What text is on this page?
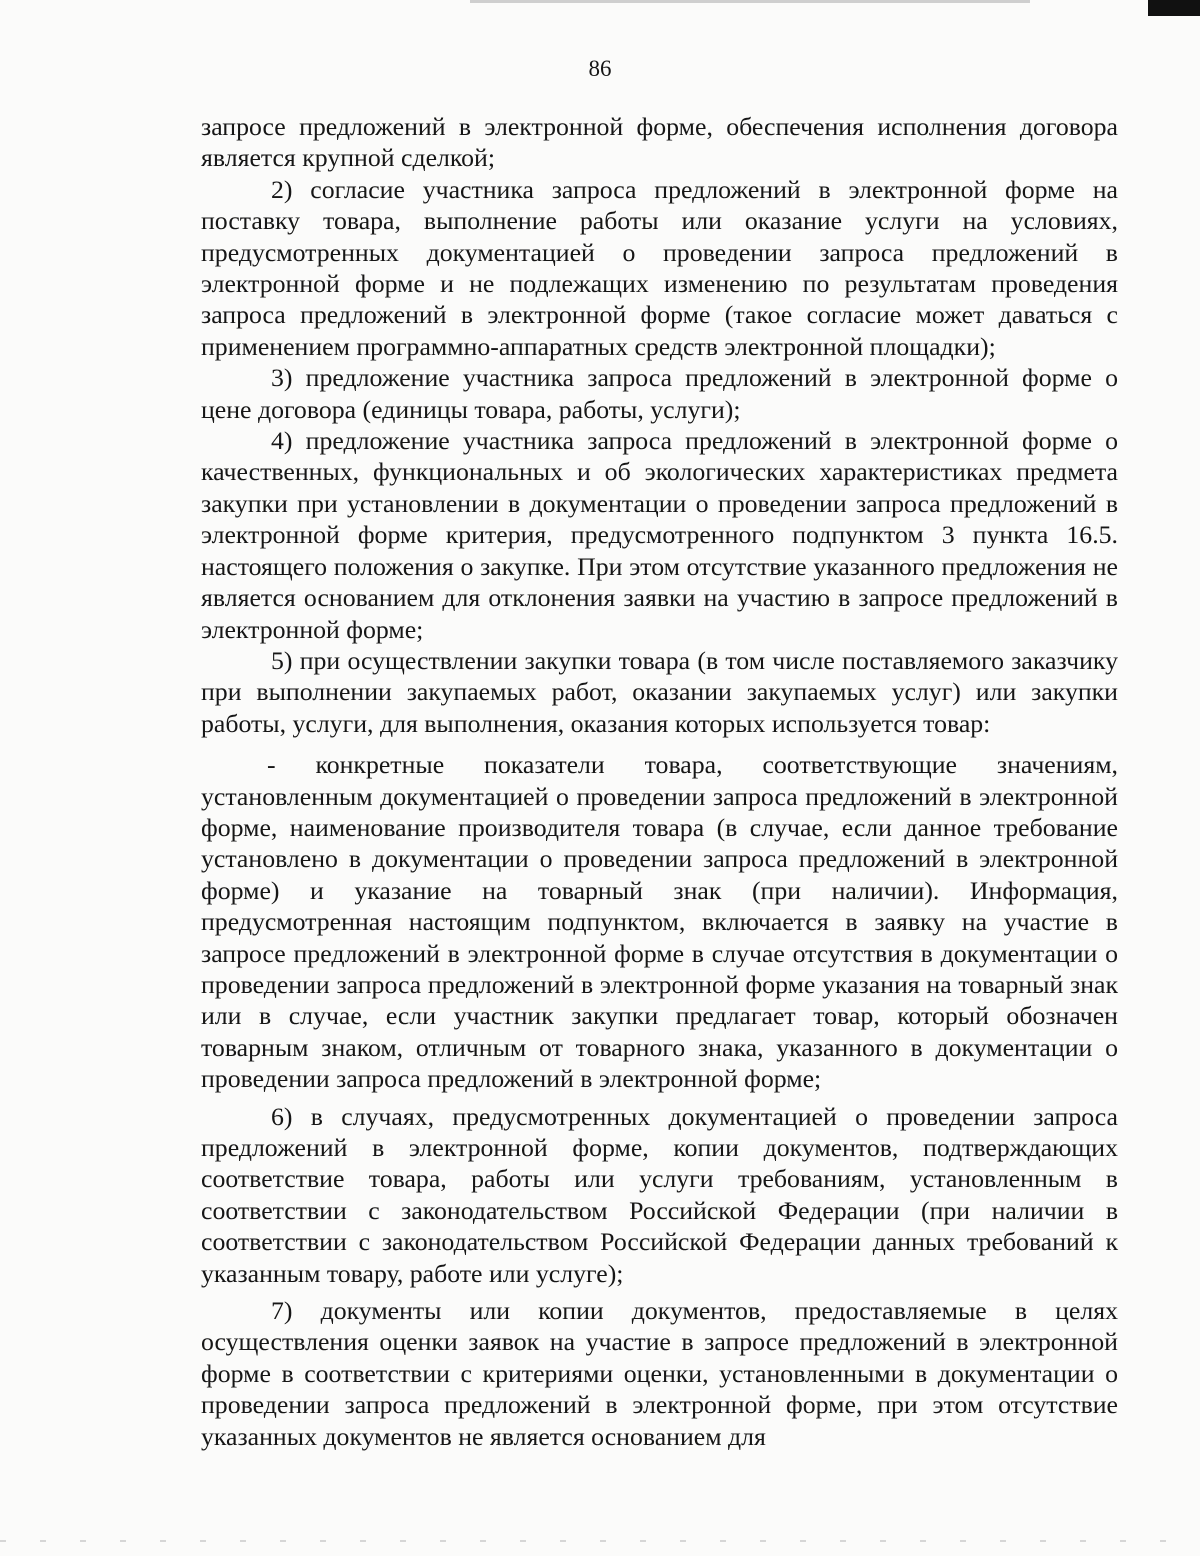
86

запросе предложений в электронной форме, обеспечения исполнения договора является крупной сделкой;

2) согласие участника запроса предложений в электронной форме на поставку товара, выполнение работы или оказание услуги на условиях, предусмотренных документацией о проведении запроса предложений в электронной форме и не подлежащих изменению по результатам проведения запроса предложений в электронной форме (такое согласие может даваться с применением программно-аппаратных средств электронной площадки);

3) предложение участника запроса предложений в электронной форме о цене договора (единицы товара, работы, услуги);

4) предложение участника запроса предложений в электронной форме о качественных, функциональных и об экологических характеристиках предмета закупки при установлении в документации о проведении запроса предложений в электронной форме критерия, предусмотренного подпунктом 3 пункта 16.5. настоящего положения о закупке. При этом отсутствие указанного предложения не является основанием для отклонения заявки на участию в запросе предложений в электронной форме;

5) при осуществлении закупки товара (в том числе поставляемого заказчику при выполнении закупаемых работ, оказании закупаемых услуг) или закупки работы, услуги, для выполнения, оказания которых используется товар:

- конкретные показатели товара, соответствующие значениям, установленным документацией о проведении запроса предложений в электронной форме, наименование производителя товара (в случае, если данное требование установлено в документации о проведении запроса предложений в электронной форме) и указание на товарный знак (при наличии). Информация, предусмотренная настоящим подпунктом, включается в заявку на участие в запросе предложений в электронной форме в случае отсутствия в документации о проведении запроса предложений в электронной форме указания на товарный знак или в случае, если участник закупки предлагает товар, который обозначен товарным знаком, отличным от товарного знака, указанного в документации о проведении запроса предложений в электронной форме;

6) в случаях, предусмотренных документацией о проведении запроса предложений в электронной форме, копии документов, подтверждающих соответствие товара, работы или услуги требованиям, установленным в соответствии с законодательством Российской Федерации (при наличии в соответствии с законодательством Российской Федерации данных требований к указанным товару, работе или услуге);

7) документы или копии документов, предоставляемые в целях осуществления оценки заявок на участие в запросе предложений в электронной форме в соответствии с критериями оценки, установленными в документации о проведении запроса предложений в электронной форме, при этом отсутствие указанных документов не является основанием для
